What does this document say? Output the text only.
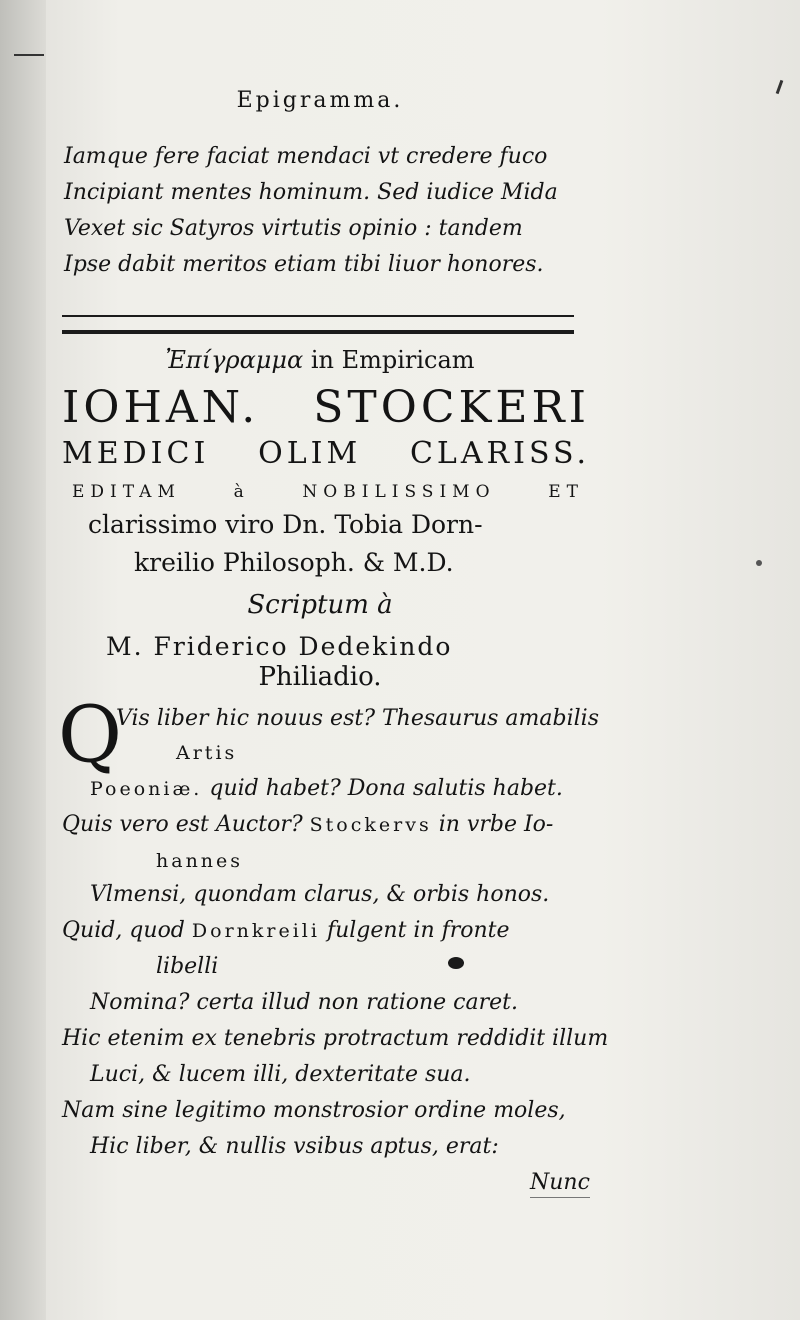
Epigramma.
Iamque fere faciat mendaci vt credere fuco
Incipiant mentes hominum. Sed iudice Mida
Vexet sic Satyros virtutis opinio : tandem
Ipse dabit meritos etiam tibi liuor honores.
Ἐπίγραμμα in Empiricam
IOHAN. STOCKERI
MEDICI OLIM CLARISS.
EDITAM à NOBILISSIMO ET
clarissimo viro Dn. Tobia Dorn-
kreilio Philosoph. & M.D.
Scriptum à
M. Friderico Dedekindo
Philiadio.
Q
Vis liber hic nouus est? Thesaurus amabilis
Artis
Poeoniæ. quid habet? Dona salutis habet.
Quis vero est Auctor? Stockervs in vrbe Io-
hannes
Vlmensi, quondam clarus, & orbis honos.
Quid, quod Dornkreili fulgent in fronte
libelli
Nomina? certa illud non ratione caret.
Hic etenim ex tenebris protractum reddidit illum
Luci, & lucem illi, dexteritate sua.
Nam sine legitimo monstrosior ordine moles,
Hic liber, & nullis vsibus aptus, erat:
Nunc
